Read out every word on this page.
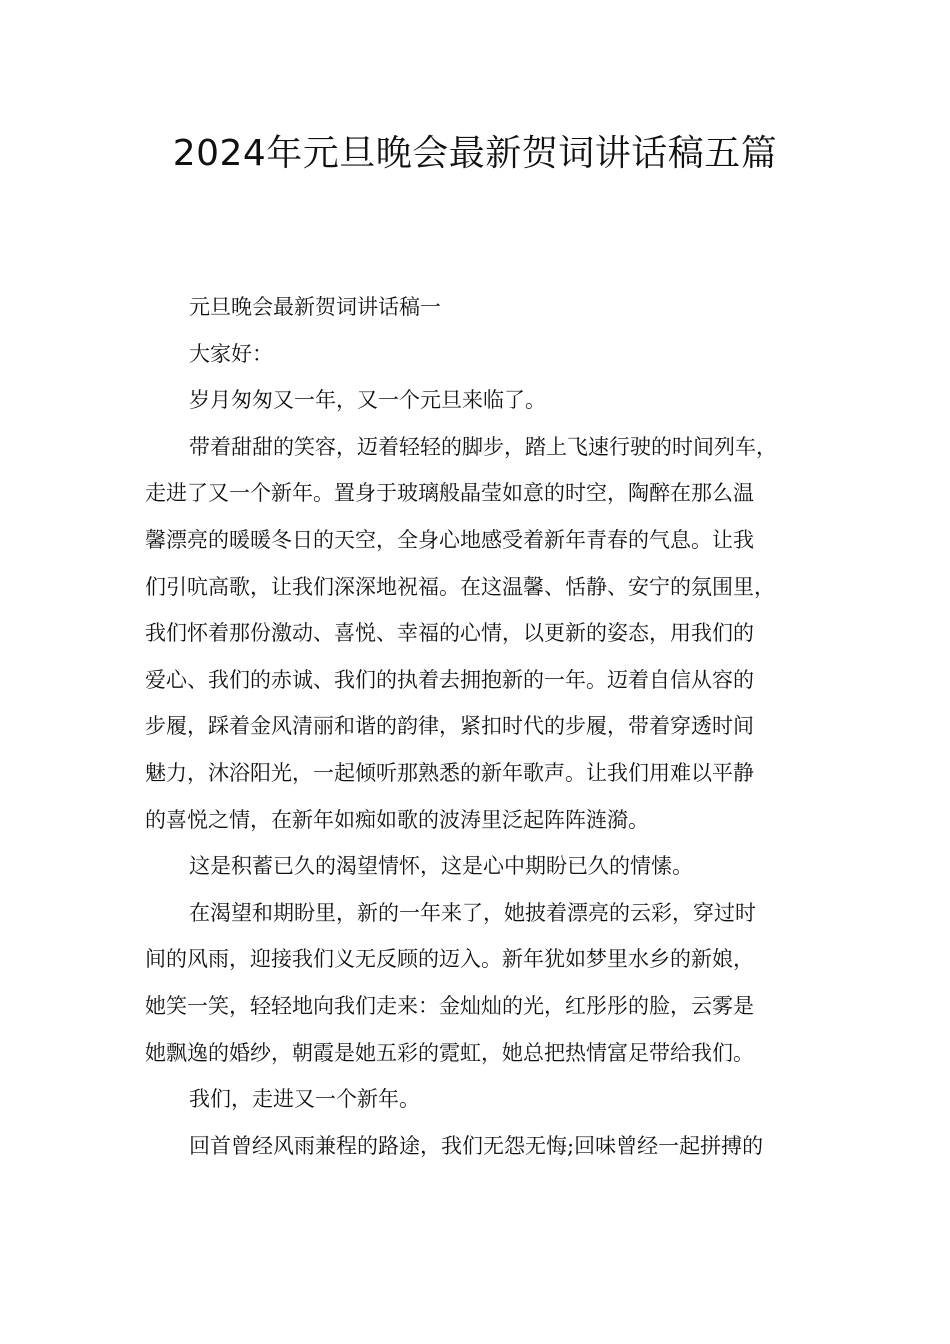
2024年元旦晚会最新贺词讲话稿五篇
元旦晚会最新贺词讲话稿一
大家好：
岁月匆匆又一年，又一个元旦来临了。
带着甜甜的笑容，迈着轻轻的脚步，踏上飞速行驶的时间列车，
走进了又一个新年。置身于玻璃般晶莹如意的时空，陶醉在那么温
馨漂亮的暖暖冬日的天空，全身心地感受着新年青春的气息。让我
们引吭高歌，让我们深深地祝福。在这温馨、恬静、安宁的氛围里，
我们怀着那份激动、喜悦、幸福的心情，以更新的姿态，用我们的
爱心、我们的赤诚、我们的执着去拥抱新的一年。迈着自信从容的
步履，踩着金风清丽和谐的韵律，紧扣时代的步履，带着穿透时间
魅力，沐浴阳光，一起倾听那熟悉的新年歌声。让我们用难以平静
的喜悦之情，在新年如痴如歌的波涛里泛起阵阵涟漪。
这是积蓄已久的渴望情怀，这是心中期盼已久的情愫。
在渴望和期盼里，新的一年来了，她披着漂亮的云彩，穿过时
间的风雨，迎接我们义无反顾的迈入。新年犹如梦里水乡的新娘，
她笑一笑，轻轻地向我们走来：金灿灿的光，红彤彤的脸，云雾是
她飘逸的婚纱，朝霞是她五彩的霓虹，她总把热情富足带给我们。
我们，走进又一个新年。
回首曾经风雨兼程的路途，我们无怨无悔;回味曾经一起拼搏的
